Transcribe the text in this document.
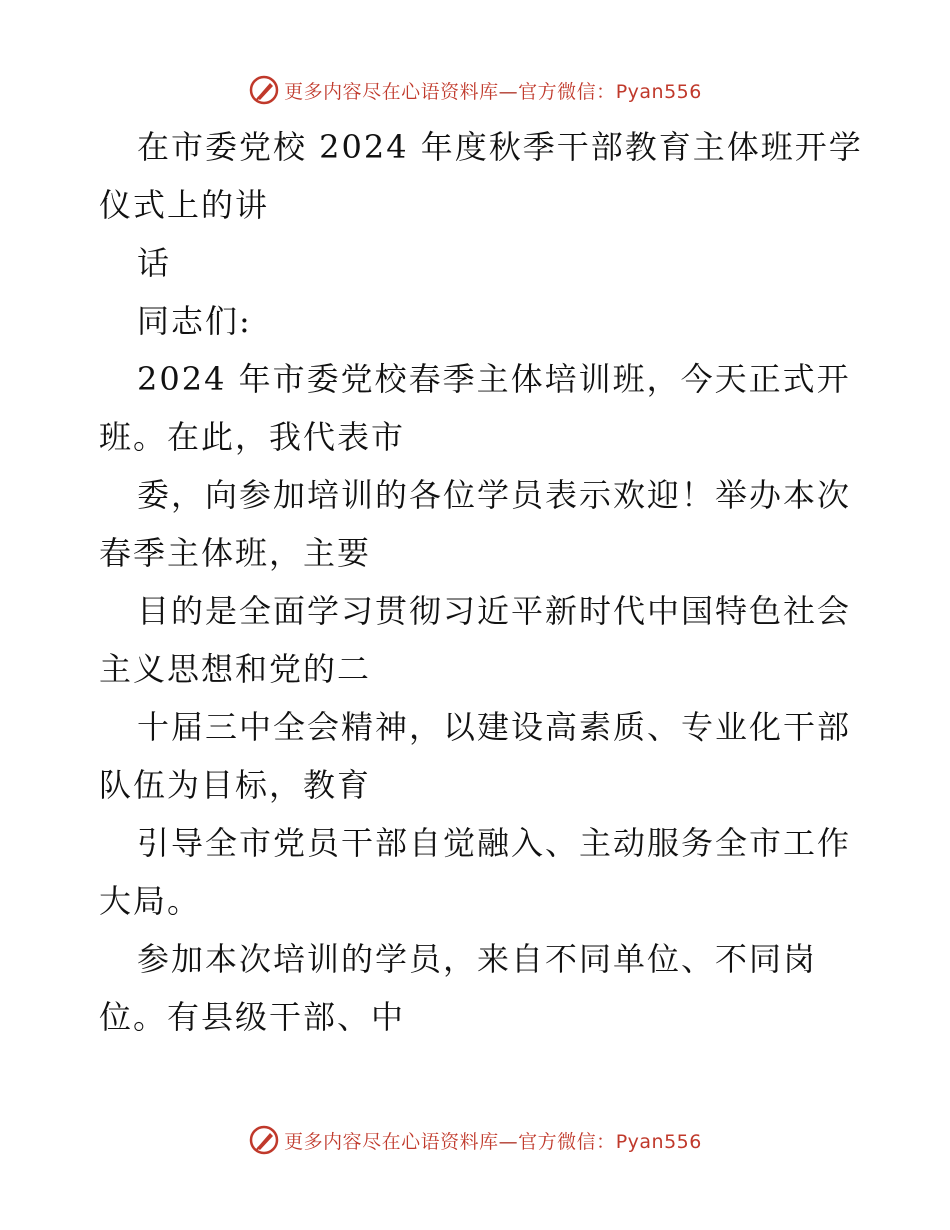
更多内容尽在心语资料库—官方微信：Pyan556
在市委党校 2024 年度秋季干部教育主体班开学
仪式上的讲
话
同志们:
2024 年市委党校春季主体培训班，今天正式开
班。在此，我代表市
委，向参加培训的各位学员表示欢迎！举办本次
春季主体班，主要
目的是全面学习贯彻习近平新时代中国特色社会
主义思想和党的二
十届三中全会精神，以建设高素质、专业化干部
队伍为目标，教育
引导全市党员干部自觉融入、主动服务全市工作
大局。
参加本次培训的学员，来自不同单位、不同岗
位。有县级干部、中
更多内容尽在心语资料库—官方微信：Pyan556
